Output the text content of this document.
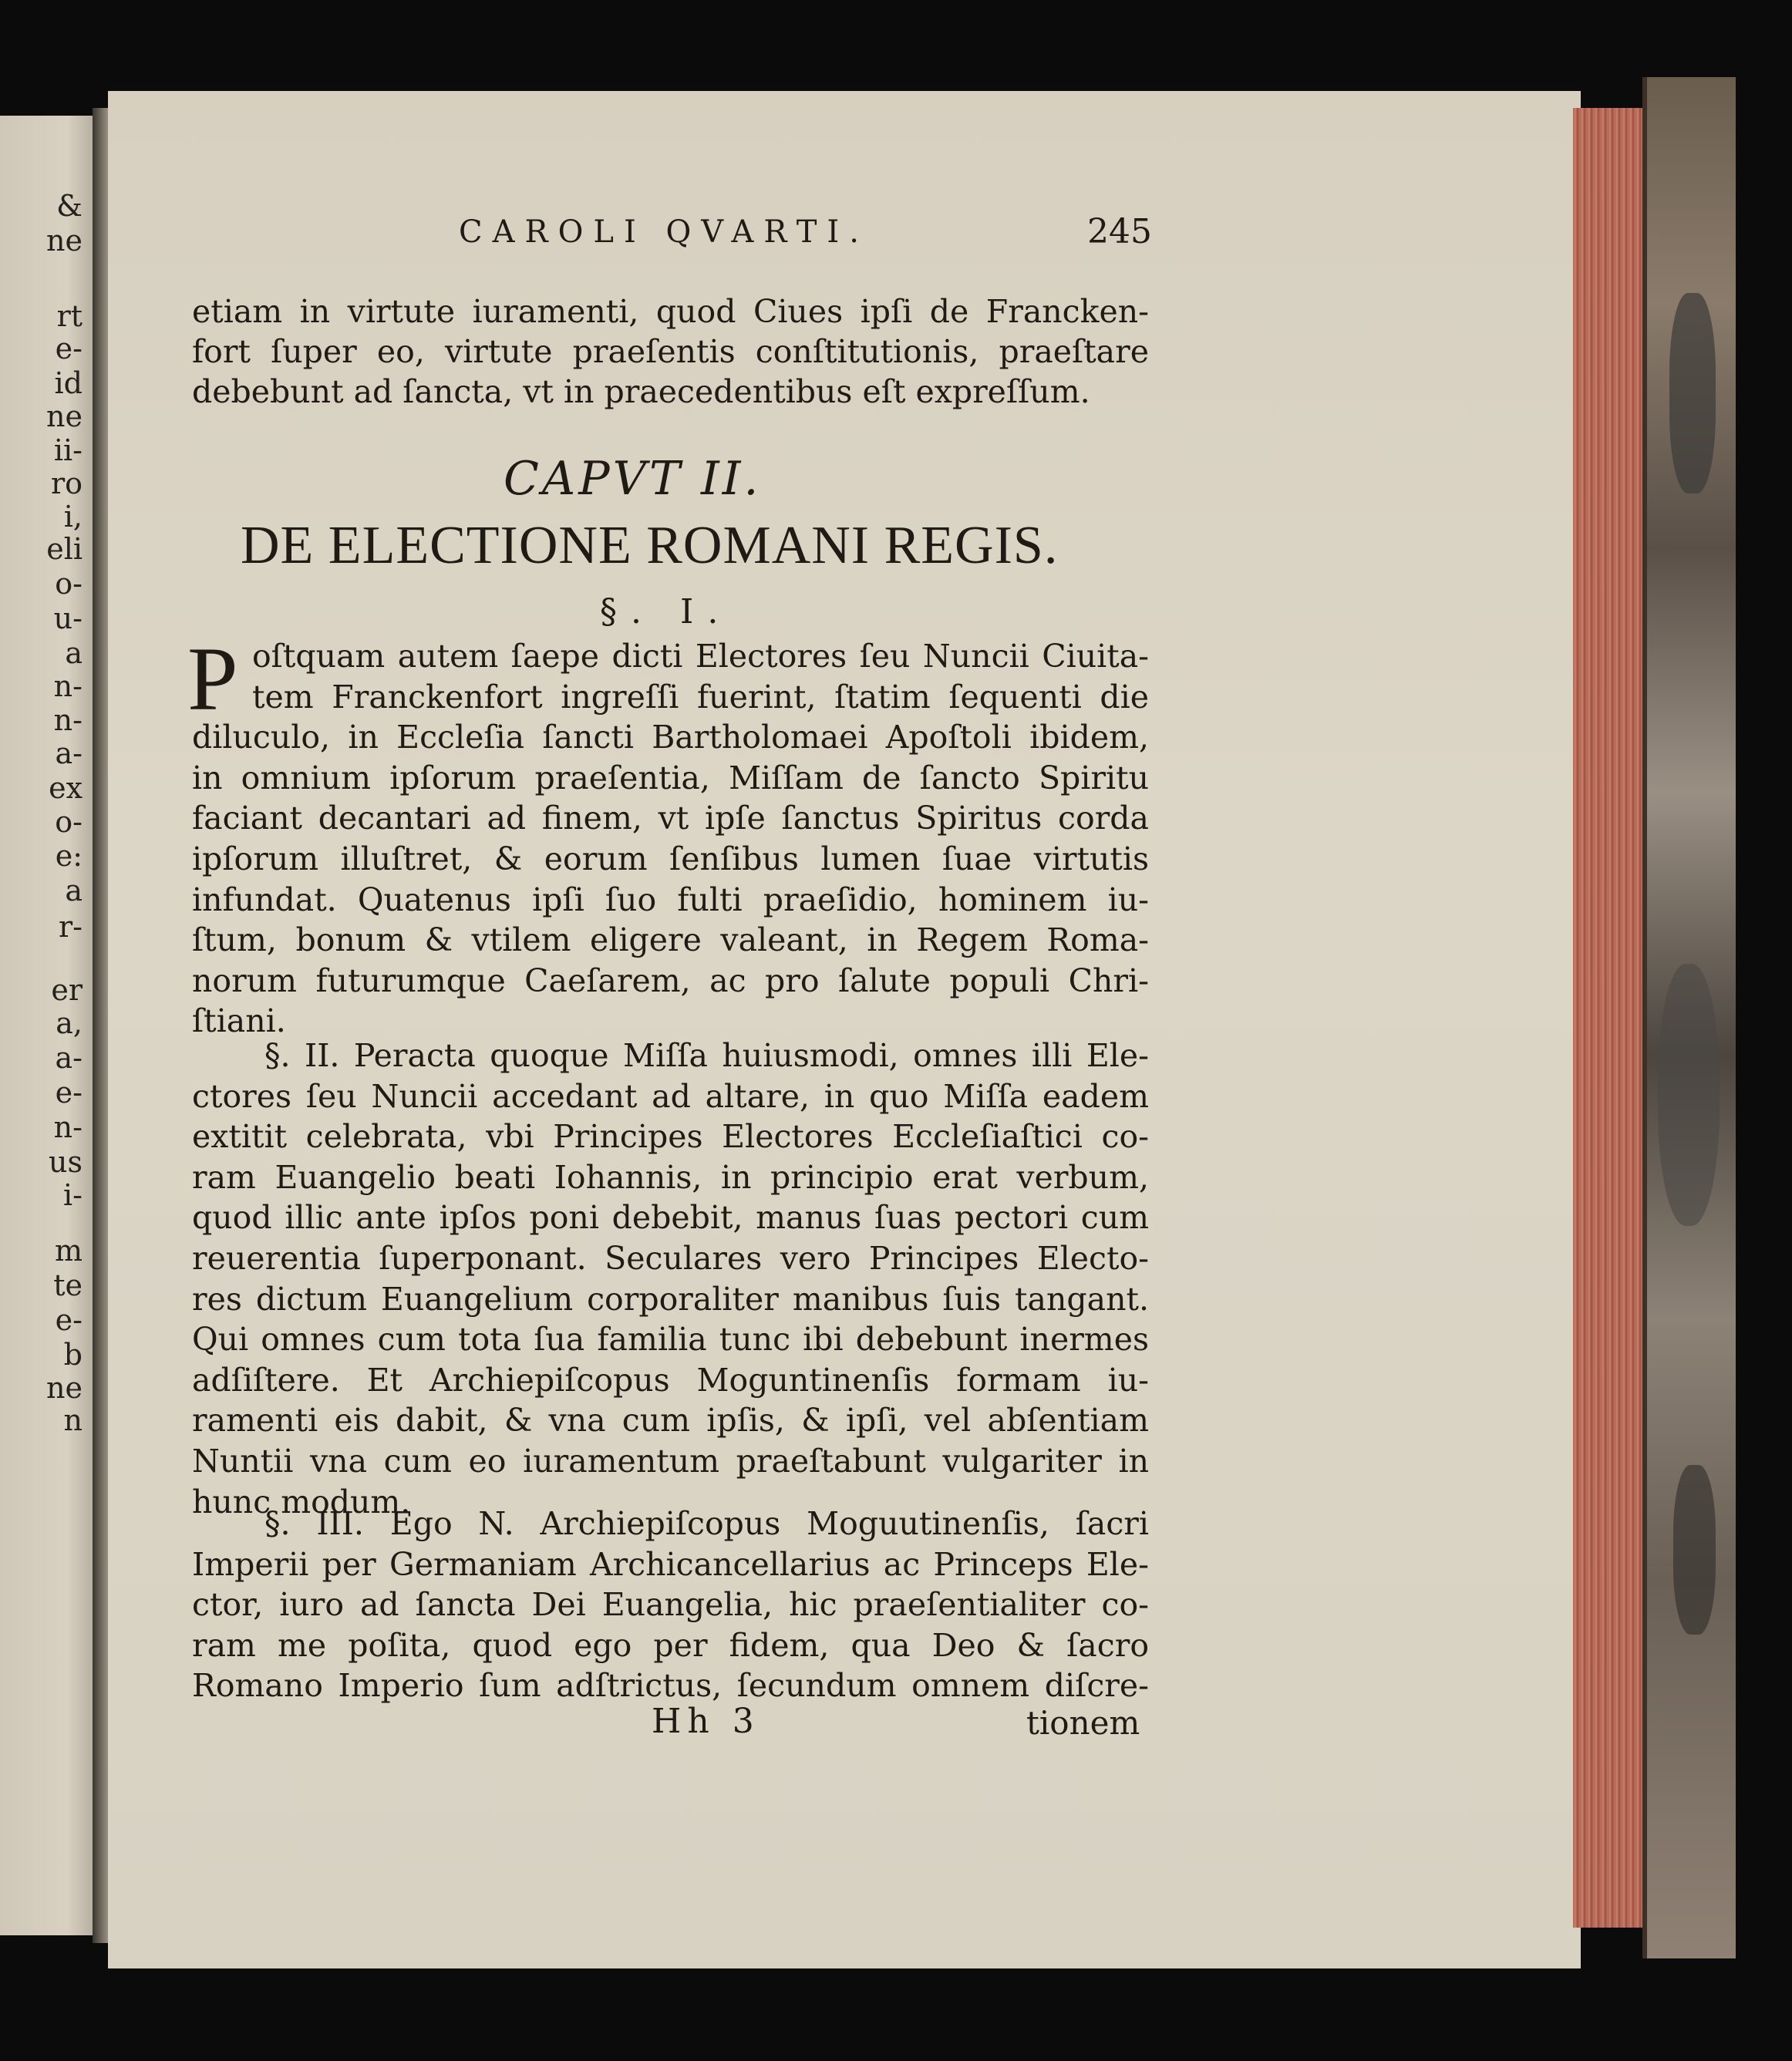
&
ne
rt
e-
id
ne
ii-
ro
i,
eli
o-
u-
a
n-
n-
a-
ex
o-
e:
a
r-
er
a,
a-
e-
n-
us
i-
m
te
e-
b
ne
n
CAROLI QVARTI.	245
etiam in virtute iuramenti, quod Ciues ipſi de Francken-
fort ſuper eo, virtute praeſentis conſtitutionis, praeſtare
debebunt ad ſancta, vt in praecedentibus eſt expreſſum.
CAPVT II.
DE ELECTIONE ROMANI REGIS.
§. I.
P oſtquam autem ſaepe dicti Electores ſeu Nuncii Ciuita-
tem Franckenfort ingreſſi fuerint, ſtatim ſequenti die
diluculo, in Eccleſia ſancti Bartholomaei Apoſtoli ibidem,
in omnium ipſorum praeſentia, Miſſam de ſancto Spiritu
faciant decantari ad finem, vt ipſe ſanctus Spiritus corda
ipſorum illuſtret, & eorum ſenſibus lumen ſuae virtutis
infundat. Quatenus ipſi ſuo fulti praeſidio, hominem iu-
ſtum, bonum & vtilem eligere valeant, in Regem Roma-
norum futurumque Caeſarem, ac pro ſalute populi Chri-
ſtiani.
§. II. Peracta quoque Miſſa huiusmodi, omnes illi Ele-
ctores ſeu Nuncii accedant ad altare, in quo Miſſa eadem
extitit celebrata, vbi Principes Electores Eccleſiaſtici co-
ram Euangelio beati Iohannis, in principio erat verbum,
quod illic ante ipſos poni debebit, manus ſuas pectori cum
reuerentia ſuperponant. Seculares vero Principes Electo-
res dictum Euangelium corporaliter manibus ſuis tangant.
Qui omnes cum tota ſua familia tunc ibi debebunt inermes
adſiſtere. Et Archiepiſcopus Moguntinenſis formam iu-
ramenti eis dabit, & vna cum ipſis, & ipſi, vel abſentiam
Nuntii vna cum eo iuramentum praeſtabunt vulgariter in
hunc modum.
§. III. Ego N. Archiepiſcopus Moguutinenſis, ſacri
Imperii per Germaniam Archicancellarius ac Princeps Ele-
ctor, iuro ad ſancta Dei Euangelia, hic praeſentialiter co-
ram me poſita, quod ego per fidem, qua Deo & ſacro
Romano Imperio ſum adſtrictus, ſecundum omnem diſcre-
Hh 3	tionem
